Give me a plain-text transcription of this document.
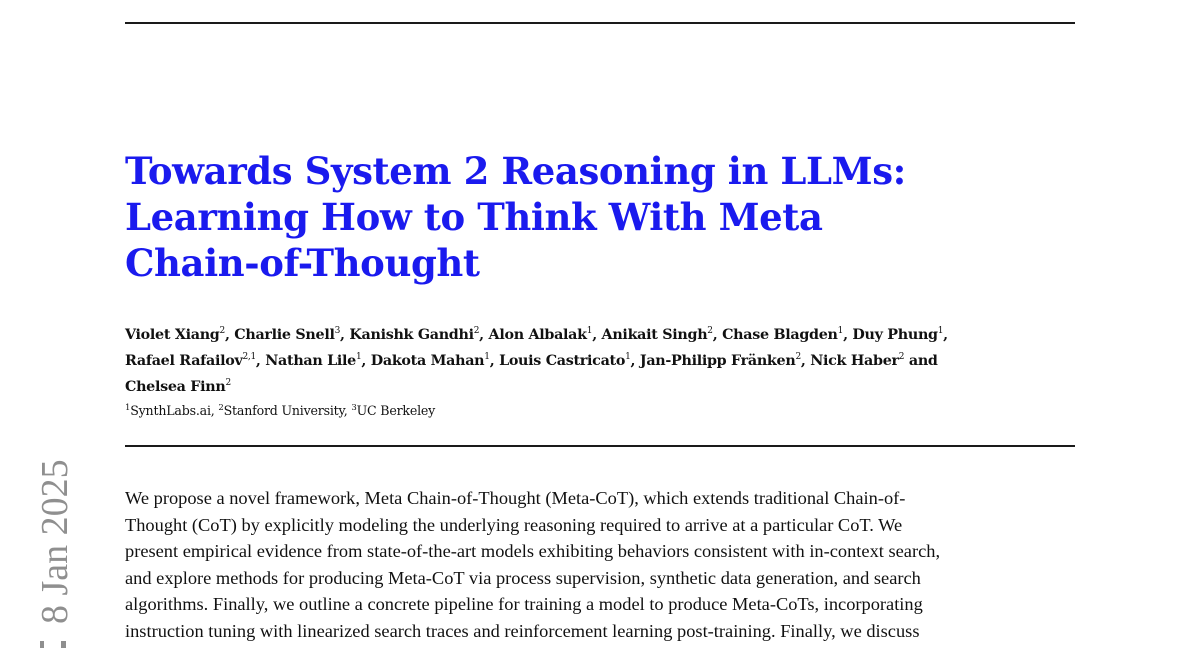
Towards System 2 Reasoning in LLMs:
Learning How to Think With Meta
Chain-of-Thought
Violet Xiang$^2$, Charlie Snell$^3$, Kanishk Gandhi$^2$, Alon Albalak$^1$, Anikait Singh$^2$, Chase Blagden$^1$, Duy Phung$^1$,
Rafael Rafailov$^{2,1}$, Nathan Lile$^1$, Dakota Mahan$^1$, Louis Castricato$^1$, Jan-Philipp Fränken$^2$, Nick Haber$^2$ and
Chelsea Finn$^2$
$^1$SynthLabs.ai, $^2$Stanford University, $^3$UC Berkeley
We propose a novel framework, Meta Chain-of-Thought (Meta-CoT), which extends traditional Chain-of-
Thought (CoT) by explicitly modeling the underlying reasoning required to arrive at a particular CoT. We
present empirical evidence from state-of-the-art models exhibiting behaviors consistent with in-context search,
and explore methods for producing Meta-CoT via process supervision, synthetic data generation, and search
algorithms. Finally, we outline a concrete pipeline for training a model to produce Meta-CoTs, incorporating
instruction tuning with linearized search traces and reinforcement learning post-training. Finally, we discuss
8 Jan 2025
